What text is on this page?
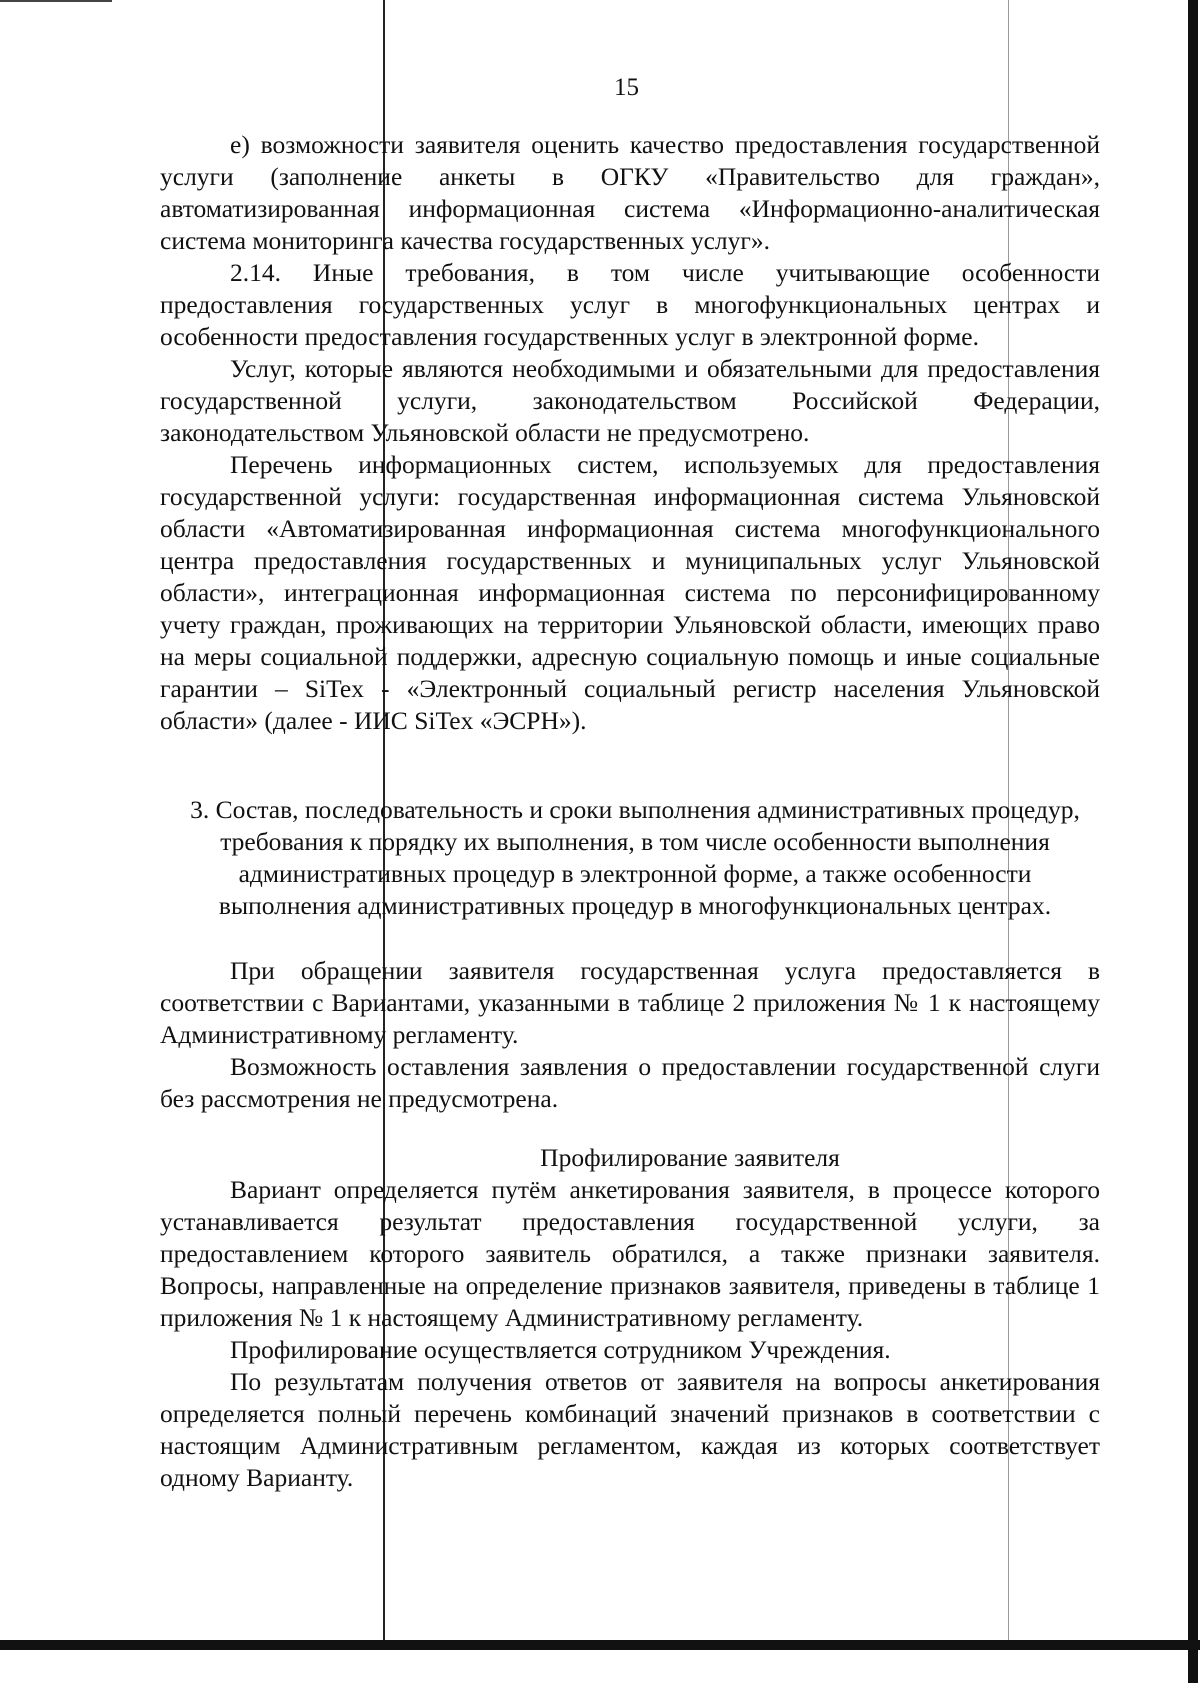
15

е) возможности заявителя оценить качество предоставления государственной услуги (заполнение анкеты в ОГКУ «Правительство для граждан», автоматизированная информационная система «Информационно-аналитическая система мониторинга качества государственных услуг».

2.14. Иные требования, в том числе учитывающие особенности предоставления государственных услуг в многофункциональных центрах и особенности предоставления государственных услуг в электронной форме.

Услуг, которые являются необходимыми и обязательными для предоставления государственной услуги, законодательством Российской Федерации, законодательством Ульяновской области не предусмотрено.

Перечень информационных систем, используемых для предоставления государственной услуги: государственная информационная система Ульяновской области «Автоматизированная информационная система многофункционального центра предоставления государственных и муниципальных услуг Ульяновской области», интеграционная информационная система по персонифицированному учету граждан, проживающих на территории Ульяновской области, имеющих право на меры социальной поддержки, адресную социальную помощь и иные социальные гарантии – SiTex - «Электронный социальный регистр населения Ульяновской области» (далее - ИИС SiTex «ЭСРН»).

3. Состав, последовательность и сроки выполнения административных процедур, требования к порядку их выполнения, в том числе особенности выполнения административных процедур в электронной форме, а также особенности выполнения административных процедур в многофункциональных центрах.

При обращении заявителя государственная услуга предоставляется в соответствии с Вариантами, указанными в таблице 2 приложения № 1 к настоящему Административному регламенту.

Возможность оставления заявления о предоставлении государственной слуги без рассмотрения не предусмотрена.

Профилирование заявителя

Вариант определяется путём анкетирования заявителя, в процессе которого устанавливается результат предоставления государственной услуги, за предоставлением которого заявитель обратился, а также признаки заявителя. Вопросы, направленные на определение признаков заявителя, приведены в таблице 1 приложения № 1 к настоящему Административному регламенту.

Профилирование осуществляется сотрудником Учреждения.

По результатам получения ответов от заявителя на вопросы анкетирования определяется полный перечень комбинаций значений признаков в соответствии с настоящим Административным регламентом, каждая из которых соответствует одному Варианту.
